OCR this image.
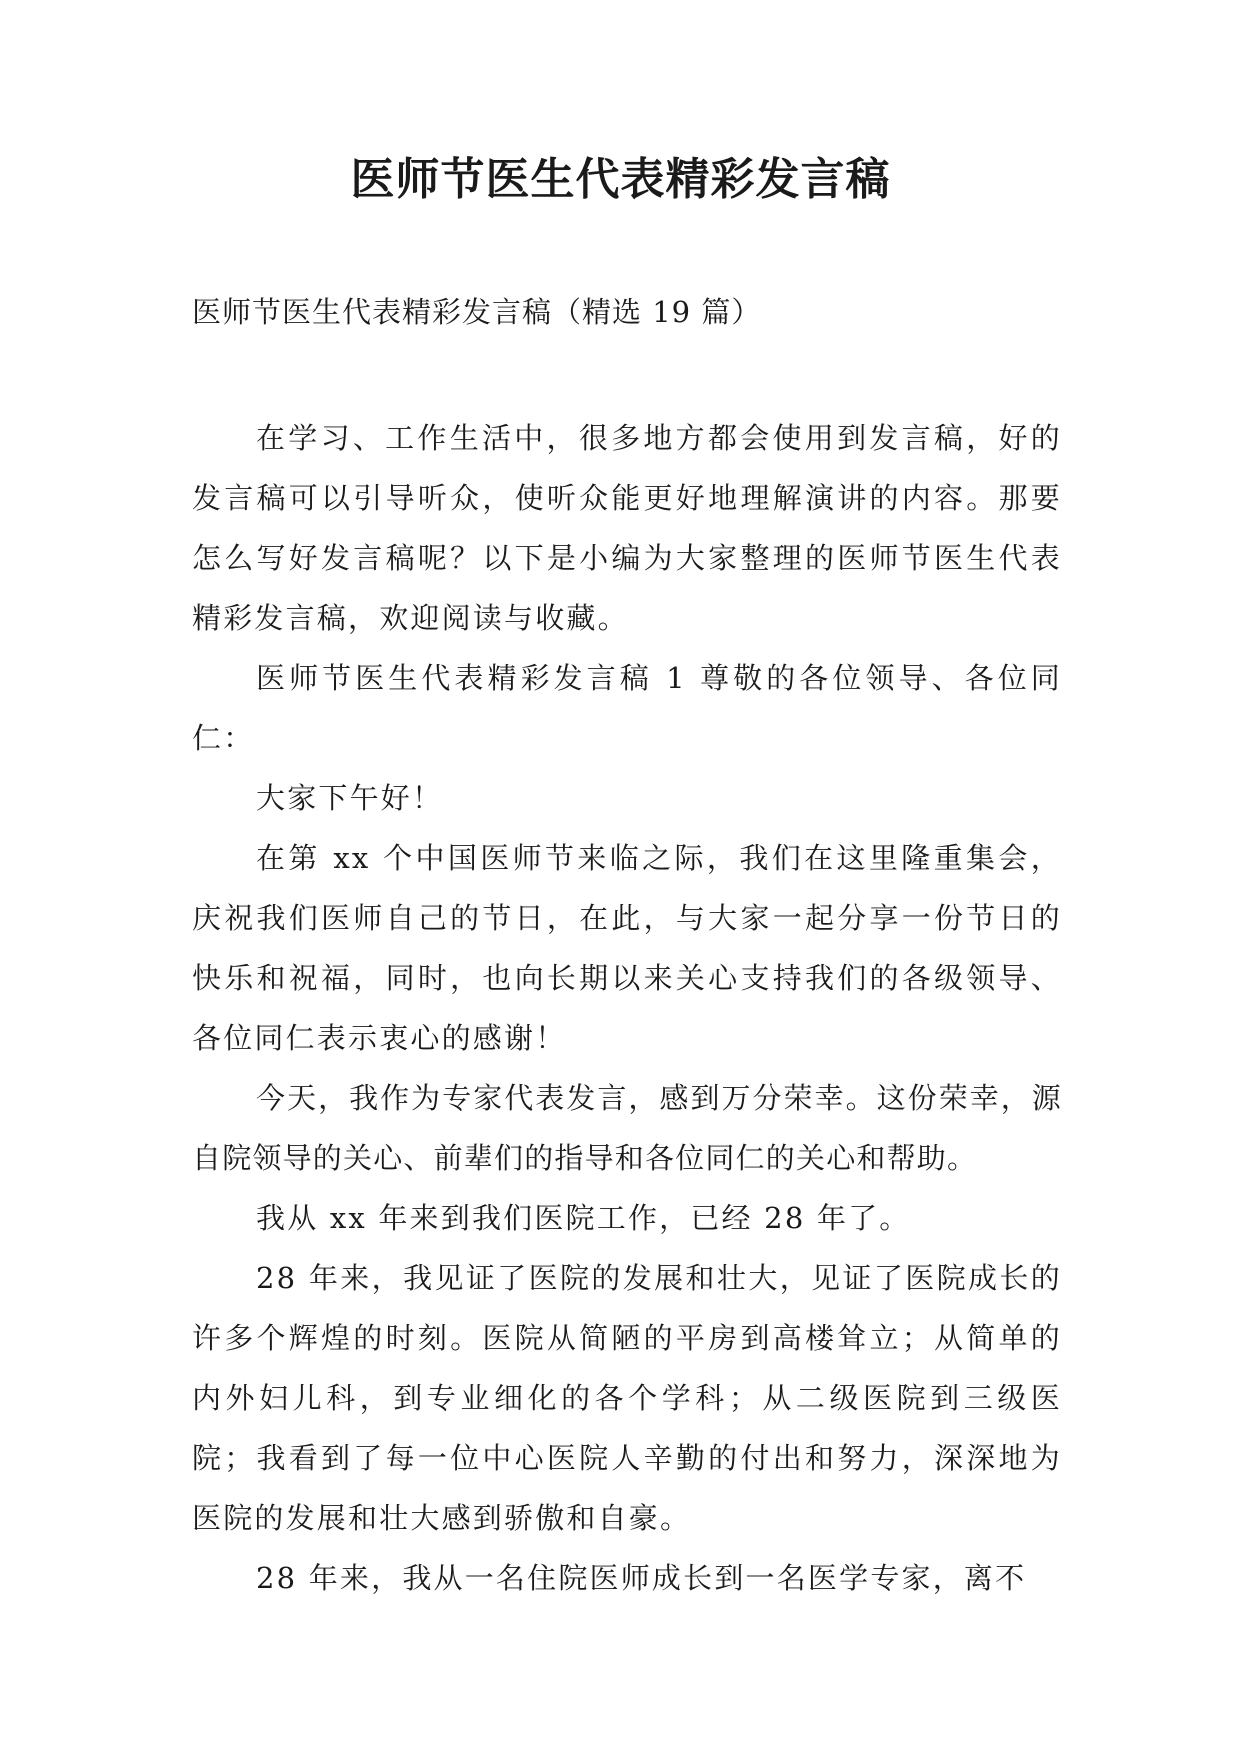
医师节医生代表精彩发言稿
医师节医生代表精彩发言稿（精选 19 篇）

在学习、工作生活中，很多地方都会使用到发言稿，好的发言稿可以引导听众，使听众能更好地理解演讲的内容。那要怎么写好发言稿呢？以下是小编为大家整理的医师节医生代表精彩发言稿，欢迎阅读与收藏。

医师节医生代表精彩发言稿 1 尊敬的各位领导、各位同仁：

大家下午好！

在第 xx 个中国医师节来临之际，我们在这里隆重集会，庆祝我们医师自己的节日，在此，与大家一起分享一份节日的快乐和祝福，同时，也向长期以来关心支持我们的各级领导、各位同仁表示衷心的感谢！

今天，我作为专家代表发言，感到万分荣幸。这份荣幸，源自院领导的关心、前辈们的指导和各位同仁的关心和帮助。

我从 xx 年来到我们医院工作，已经 28 年了。

28 年来，我见证了医院的发展和壮大，见证了医院成长的许多个辉煌的时刻。医院从简陋的平房到高楼耸立；从简单的内外妇儿科，到专业细化的各个学科；从二级医院到三级医院；我看到了每一位中心医院人辛勤的付出和努力，深深地为医院的发展和壮大感到骄傲和自豪。

28 年来，我从一名住院医师成长到一名医学专家，离不
